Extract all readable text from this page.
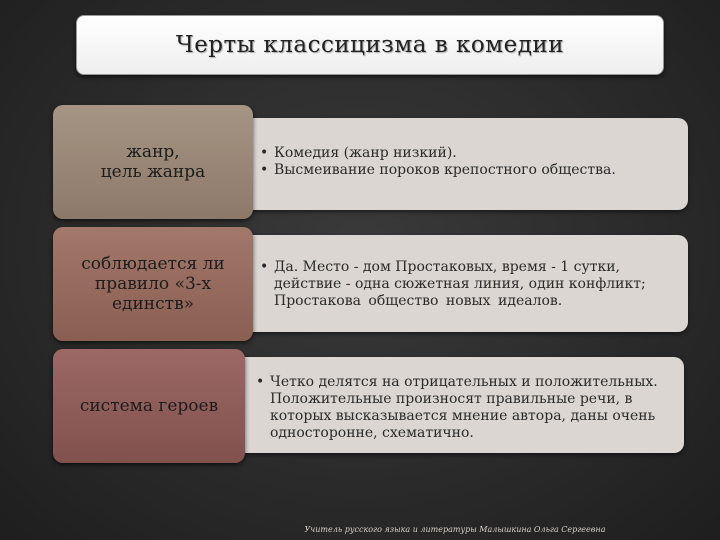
Черты классицизма в комедии
• Комедия (жанр низкий).
• Высмеивание пороков крепостного общества.
жанр,
цель жанра
• Да. Место - дом Простаковых, время - 1 сутки,
действие - одна сюжетная линия, один конфликт;
Простакова общество новых идеалов.
соблюдается ли
правило «3-х
единств»
• Четко делятся на отрицательных и положительных.
Положительные произносят правильные речи, в
которых высказывается мнение автора, даны очень
односторонне, схематично.
система героев
Учитель русского языка и литературы Малышкина Ольга Сергеевна
